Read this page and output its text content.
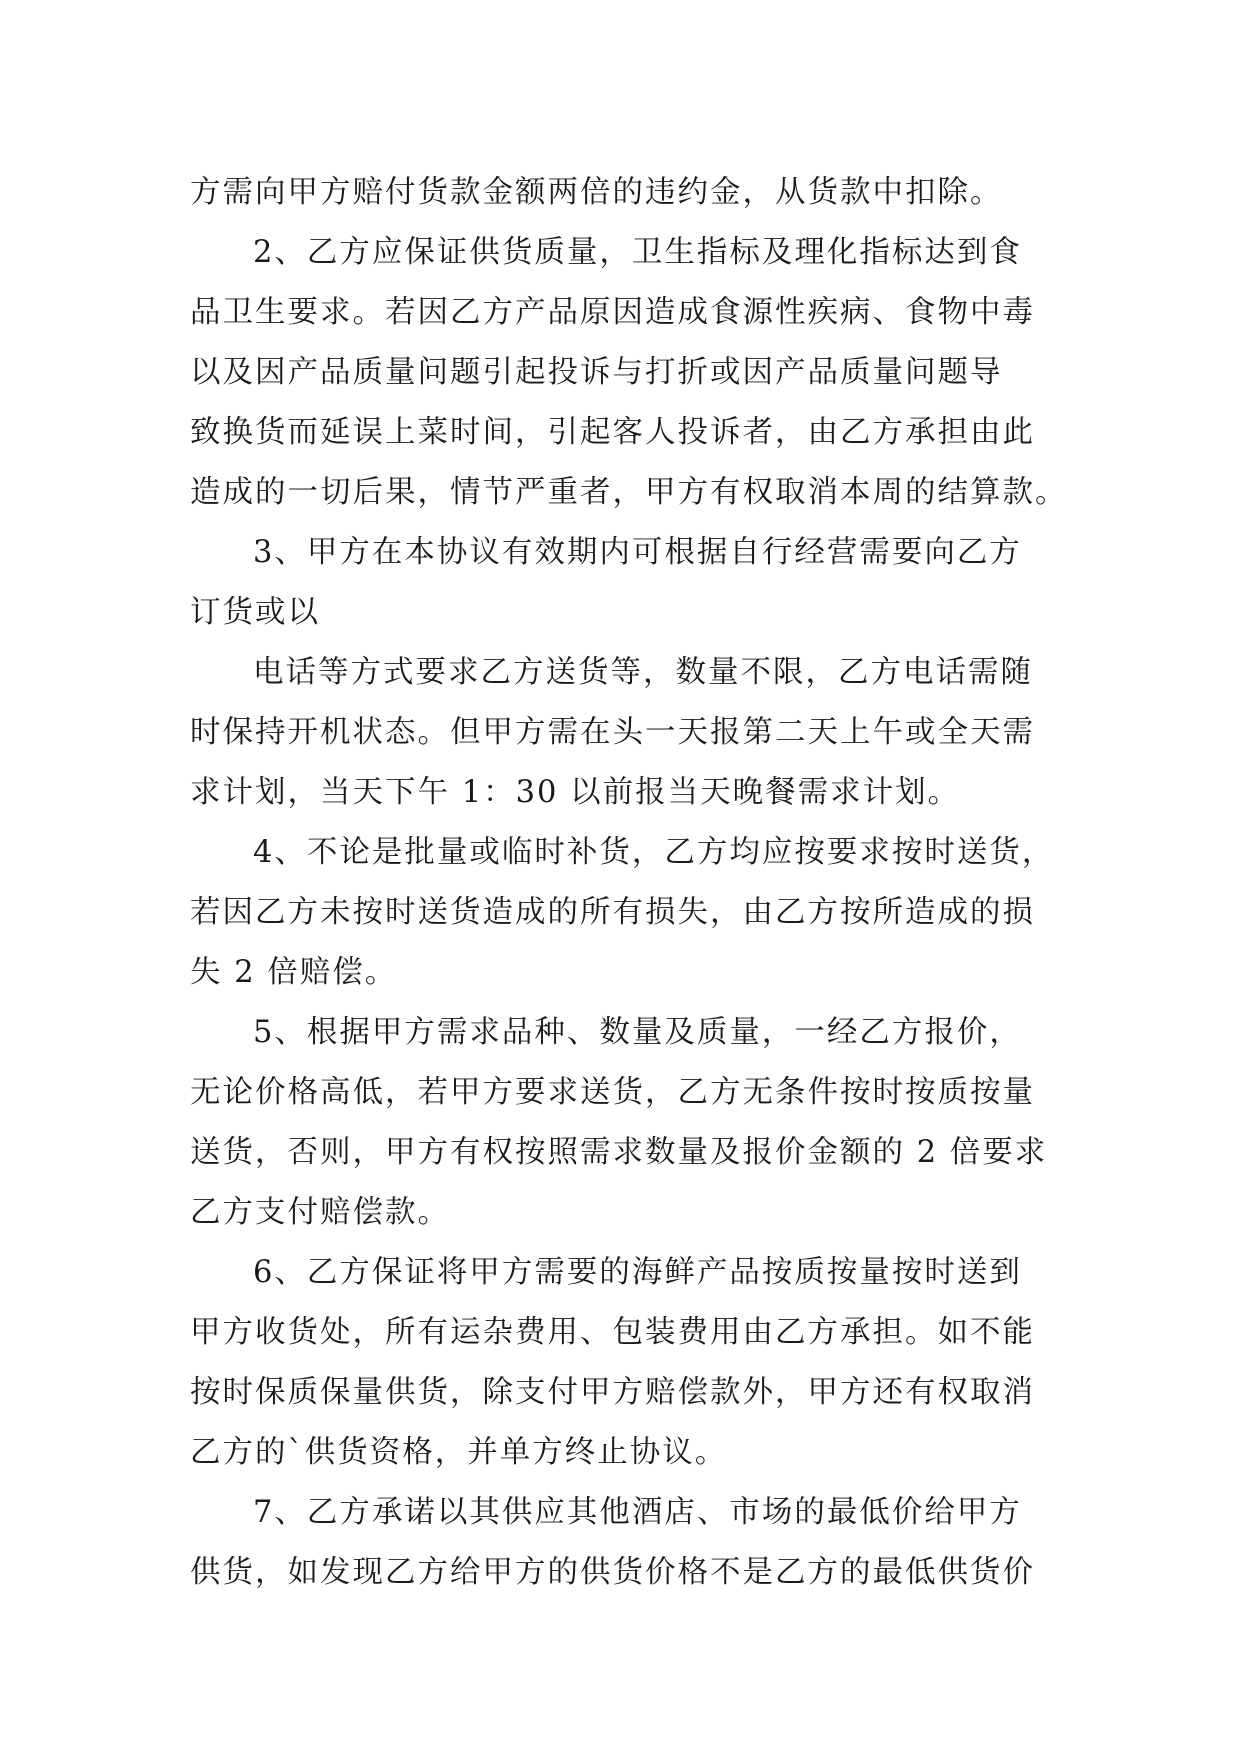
方需向甲方赔付货款金额两倍的违约金，从货款中扣除。

2、乙方应保证供货质量，卫生指标及理化指标达到食

品卫生要求。若因乙方产品原因造成食源性疾病、食物中毒

以及因产品质量问题引起投诉与打折或因产品质量问题导

致换货而延误上菜时间，引起客人投诉者，由乙方承担由此

造成的一切后果，情节严重者，甲方有权取消本周的结算款。

3、甲方在本协议有效期内可根据自行经营需要向乙方

订货或以

电话等方式要求乙方送货等，数量不限，乙方电话需随

时保持开机状态。但甲方需在头一天报第二天上午或全天需

求计划，当天下午 1：30 以前报当天晚餐需求计划。

4、不论是批量或临时补货，乙方均应按要求按时送货，

若因乙方未按时送货造成的所有损失，由乙方按所造成的损

失 2 倍赔偿。

5、根据甲方需求品种、数量及质量，一经乙方报价，

无论价格高低，若甲方要求送货，乙方无条件按时按质按量

送货，否则，甲方有权按照需求数量及报价金额的 2 倍要求

乙方支付赔偿款。

6、乙方保证将甲方需要的海鲜产品按质按量按时送到

甲方收货处，所有运杂费用、包装费用由乙方承担。如不能

按时保质保量供货，除支付甲方赔偿款外，甲方还有权取消

乙方的`供货资格，并单方终止协议。

7、乙方承诺以其供应其他酒店、市场的最低价给甲方

供货，如发现乙方给甲方的供货价格不是乙方的最低供货价
